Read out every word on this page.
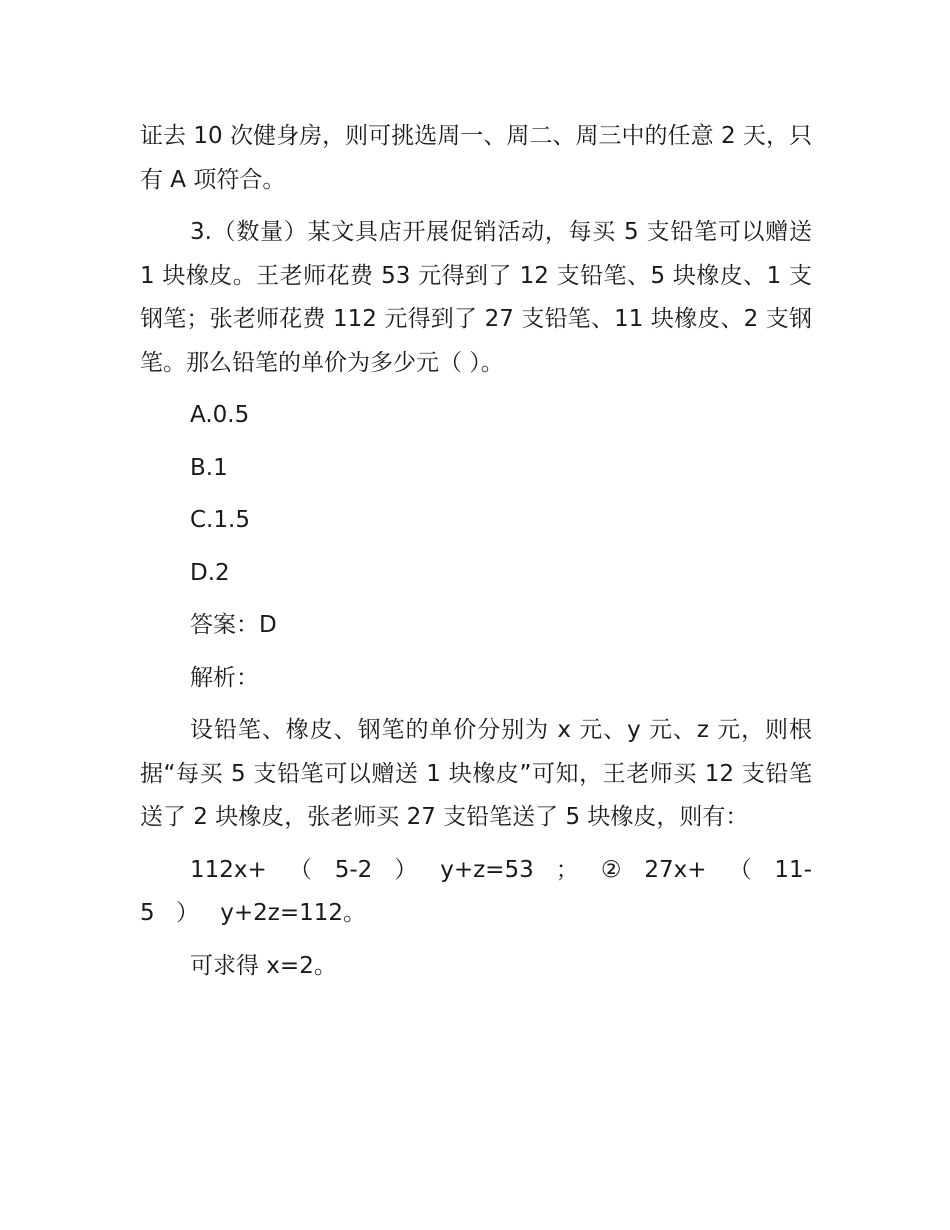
证去 10 次健身房，则可挑选周一、周二、周三中的任意 2 天，只有 A 项符合。

3.（数量）某文具店开展促销活动，每买 5 支铅笔可以赠送 1 块橡皮。王老师花费 53 元得到了 12 支铅笔、5 块橡皮、1 支钢笔；张老师花费 112 元得到了 27 支铅笔、11 块橡皮、2 支钢笔。那么铅笔的单价为多少元（ ）。

A.0.5

B.1

C.1.5

D.2

答案：D

解析：

设铅笔、橡皮、钢笔的单价分别为 x 元、y 元、z 元，则根据“每买 5 支铅笔可以赠送 1 块橡皮”可知，王老师买 12 支铅笔送了 2 块橡皮，张老师买 27 支铅笔送了 5 块橡皮，则有：

112x+ （ 5-2 ） y+z=53 ； ② 27x+ （ 11-5 ） y+2z=112。

可求得 x=2。
